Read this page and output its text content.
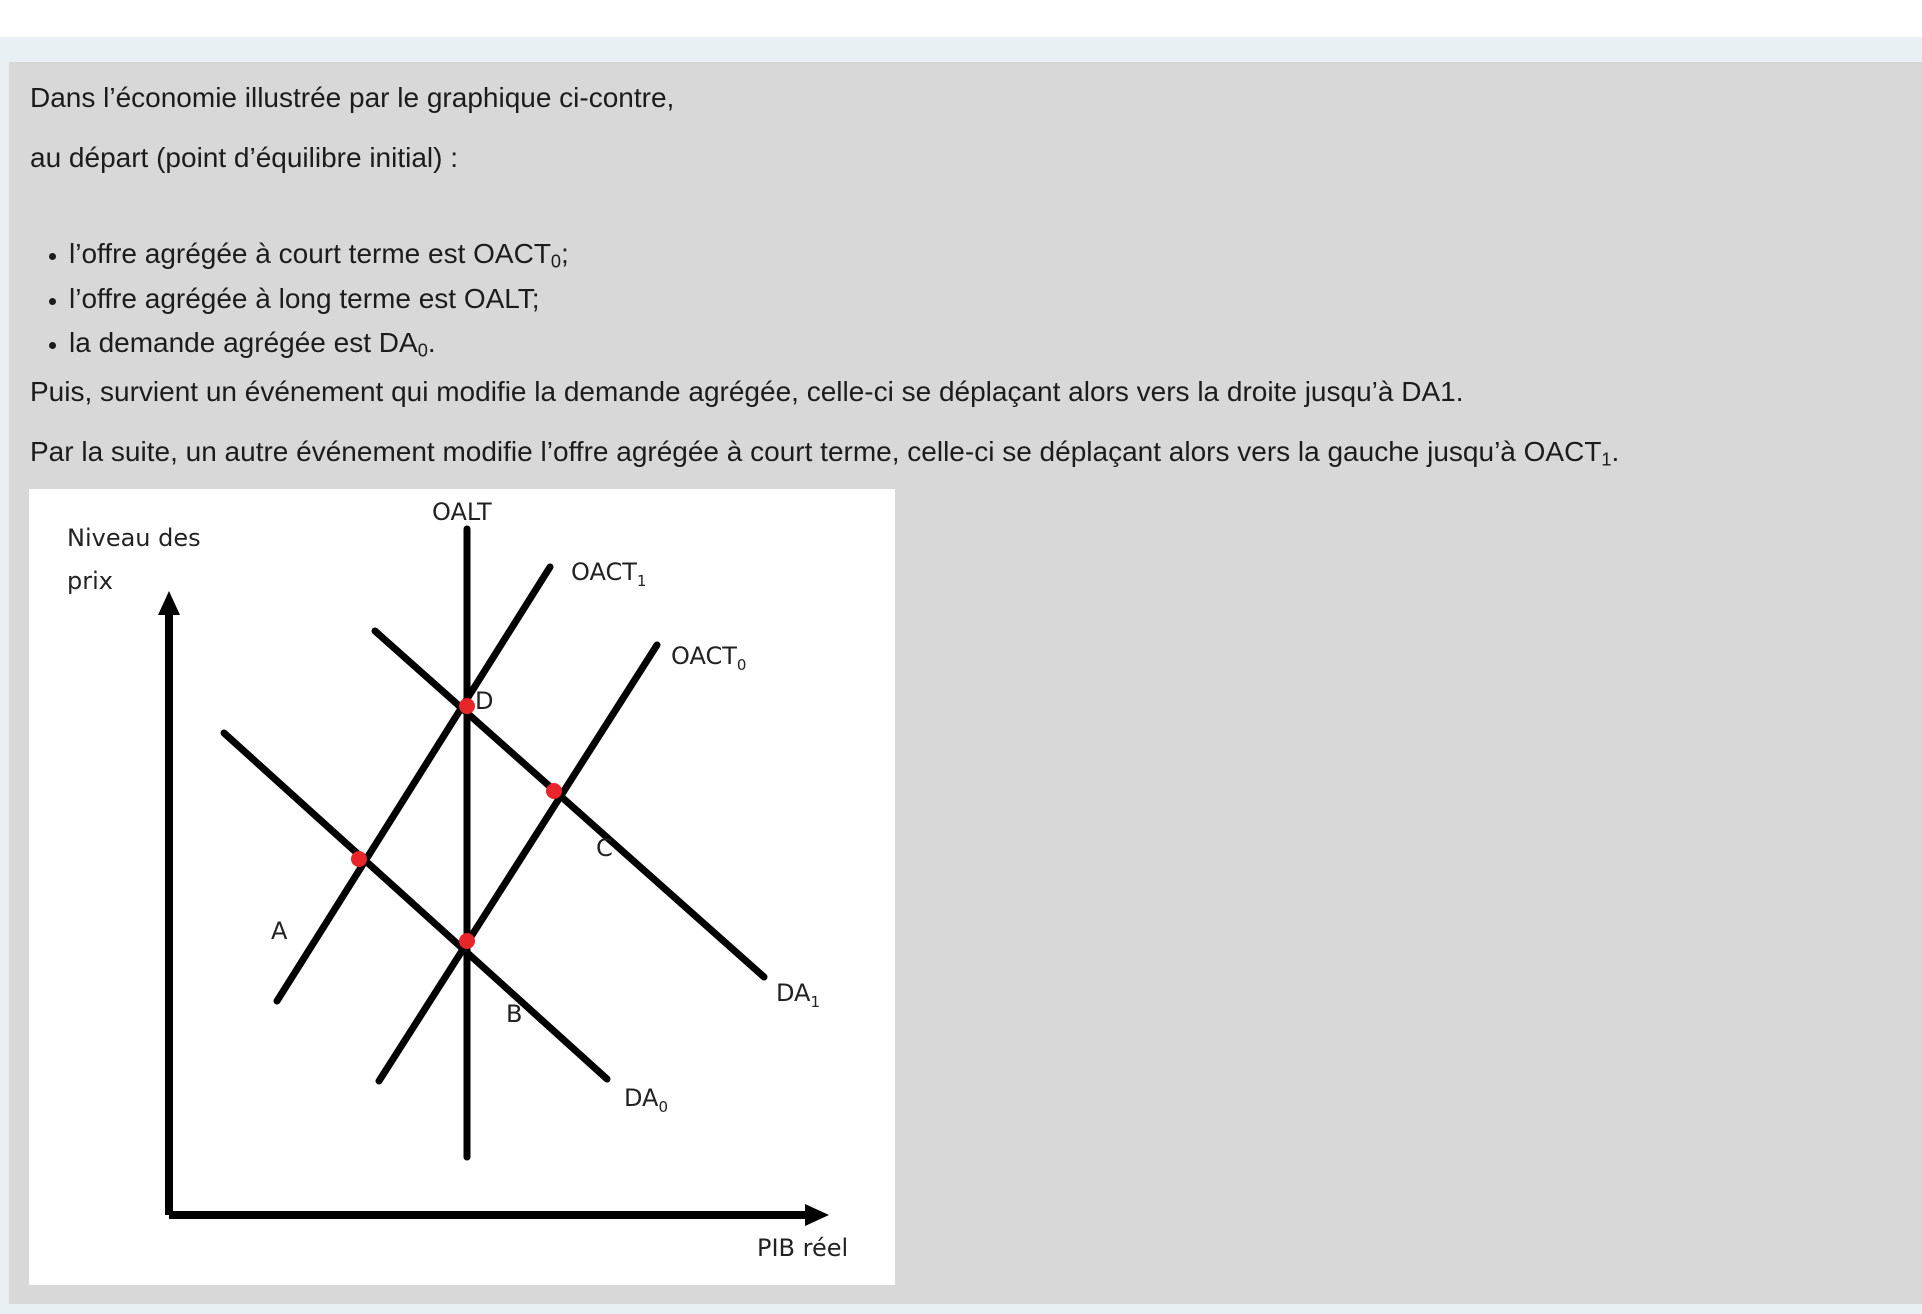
Dans l’économie illustrée par le graphique ci-contre,

au départ (point d’équilibre initial) :

• l’offre agrégée à court terme est $OACT_0$;
• l’offre agrégée à long terme est OALT;
• la demande agrégée est $DA_0$.

Puis, survient un événement qui modifie la demande agrégée, celle-ci se déplaçant alors vers la droite jusqu’à DA1.

Par la suite, un autre événement modifie l’offre agrégée à court terme, celle-ci se déplaçant alors vers la gauche jusqu’à $OACT_1$.

Niveau des
prix
PIB réel
OALT
$OACT_1$
$OACT_0$
$DA_0$
$DA_1$
A
B
C
D
